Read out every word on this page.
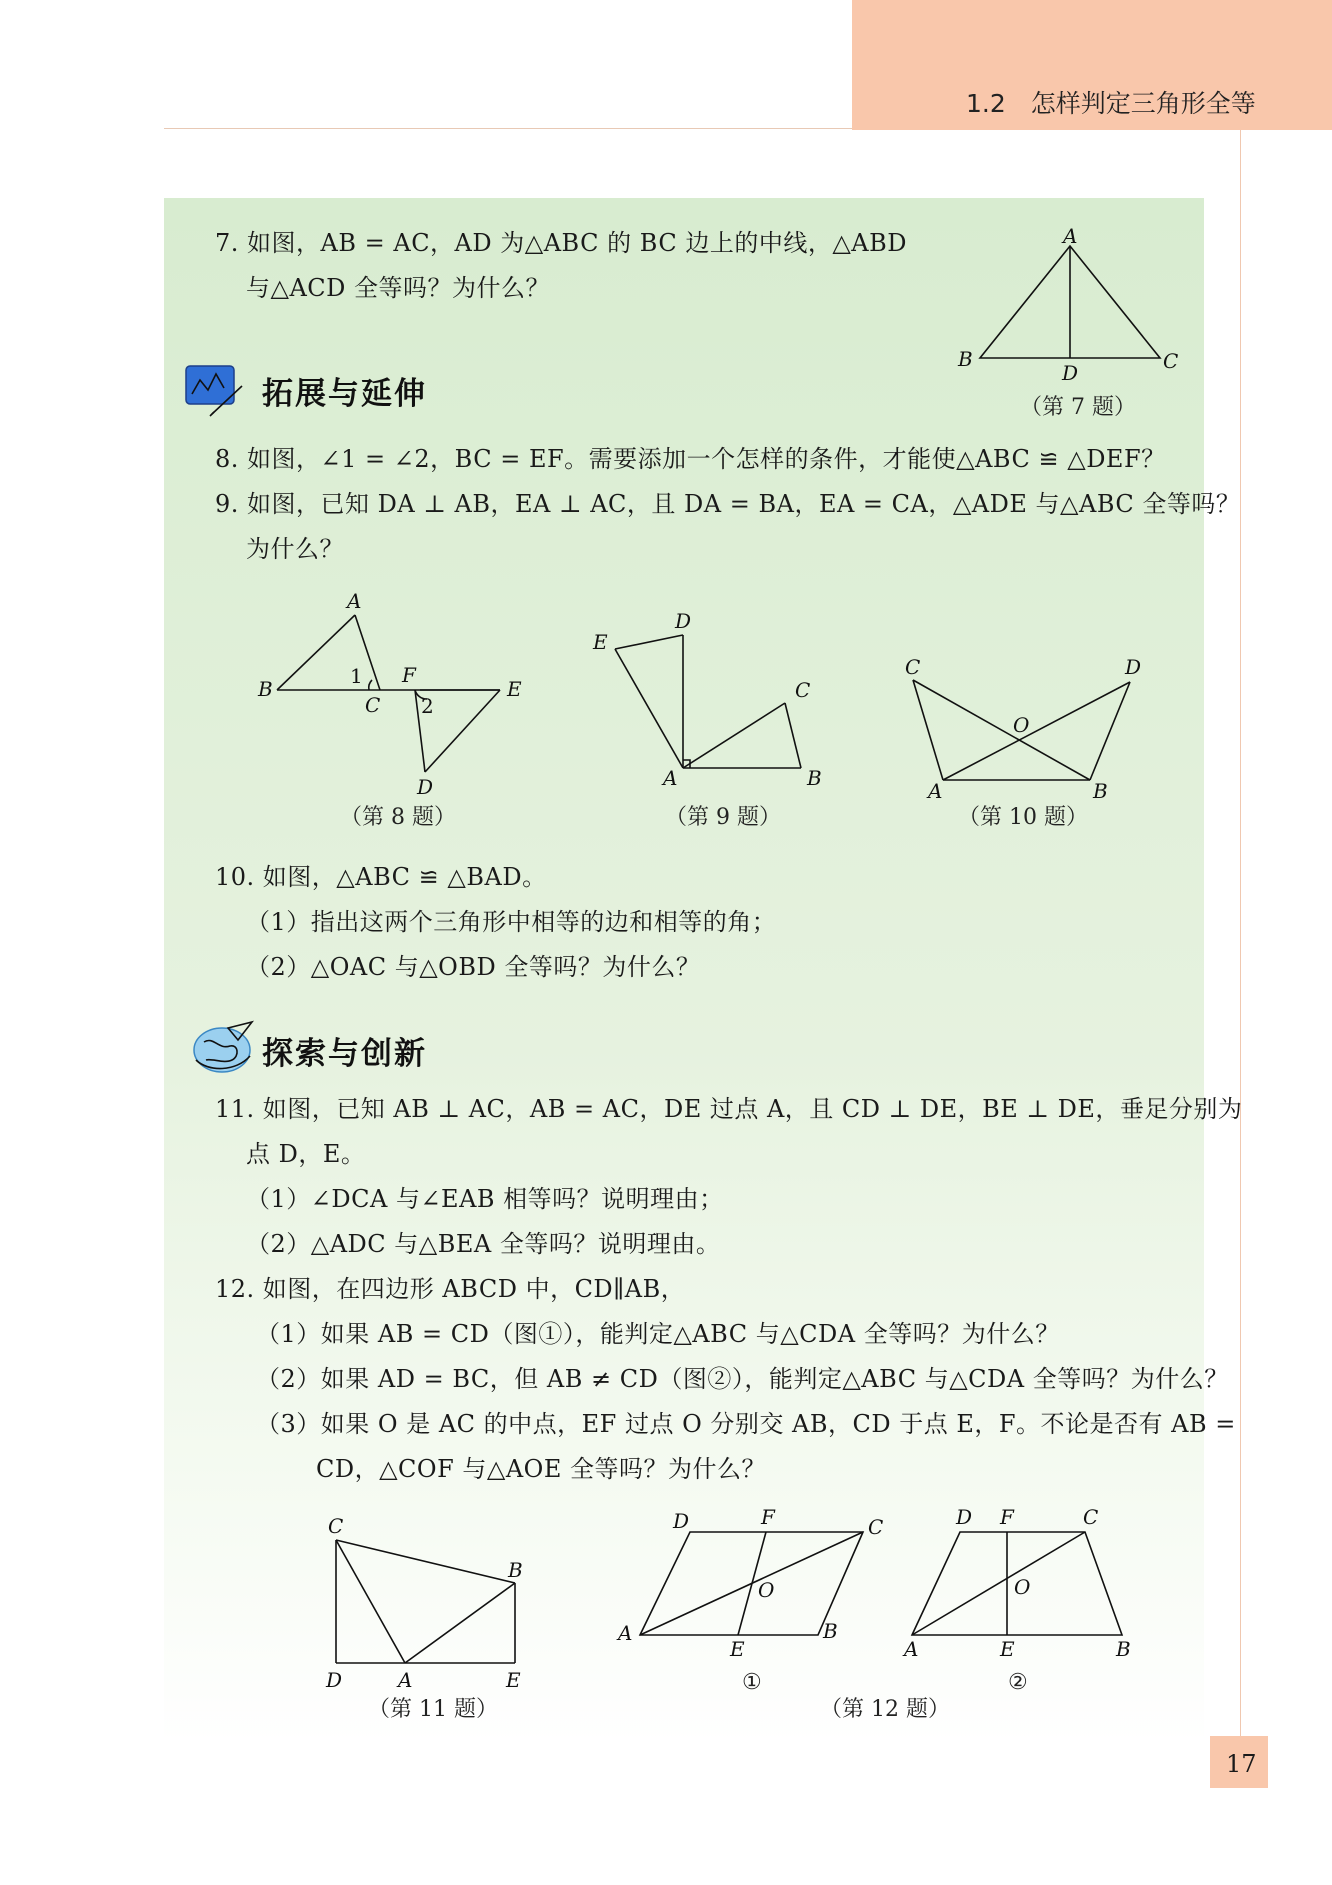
1.2　怎样判定三角形全等
7. 如图，AB = AC，AD 为△ABC 的 BC 边上的中线，△ABD
与△ACD 全等吗？为什么？
A
B	C
D
（第 7 题）
拓展与延伸
8. 如图，∠1 = ∠2，BC = EF。需要添加一个怎样的条件，才能使△ABC ≌ △DEF？
9. 如图，已知 DA ⊥ AB，EA ⊥ AC，且 DA = BA，EA = CA，△ADE 与△ABC 全等吗？
为什么？
A
B
1 F
C 2
E
D
（第 8 题）
D
E
C
A	B
（第 9 题）
C	D
O
A	B
（第 10 题）
10. 如图，△ABC ≌ △BAD。
（1）指出这两个三角形中相等的边和相等的角；
（2）△OAC 与△OBD 全等吗？为什么？
探索与创新
11. 如图，已知 AB ⊥ AC，AB = AC，DE 过点 A，且 CD ⊥ DE，BE ⊥ DE，垂足分别为
点 D，E。
（1）∠DCA 与∠EAB 相等吗？说明理由；
（2）△ADC 与△BEA 全等吗？说明理由。
12. 如图，在四边形 ABCD 中，CD∥AB，
（1）如果 AB = CD（图①），能判定△ABC 与△CDA 全等吗？为什么？
（2）如果 AD = BC，但 AB ≠ CD（图②），能判定△ABC 与△CDA 全等吗？为什么？
（3）如果 O 是 AC 的中点，EF 过点 O 分别交 AB，CD 于点 E，F。不论是否有 AB =
CD，△COF 与△AOE 全等吗？为什么？
C
B
D	A	E
（第 11 题）
D	F	C
O
A
E
B
①
D F	C
O
A	E	B
②
（第 12 题）
17
